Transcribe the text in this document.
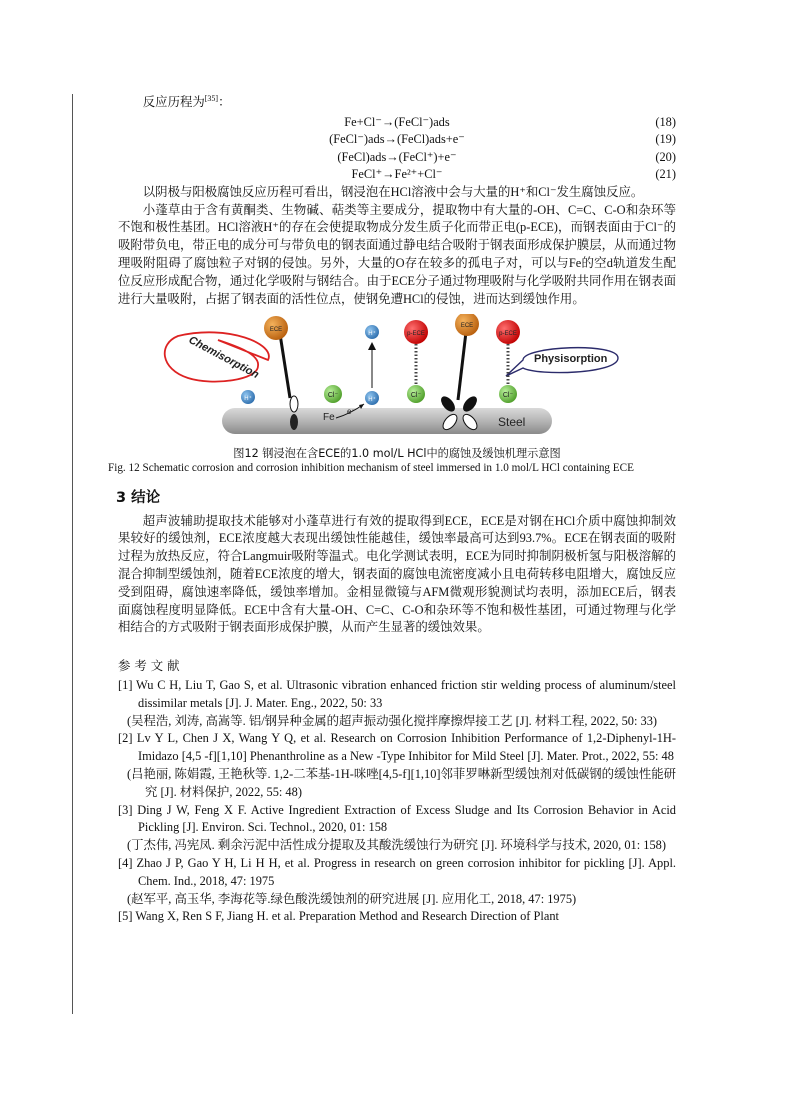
反应历程为[35]：

Fe+Cl⁻→(FeCl⁻)ads	(18)
(FeCl⁻)ads→(FeCl)ads+e⁻	(19)
(FeCl)ads→(FeCl⁺)+e⁻	(20)
FeCl⁺→Fe²⁺+Cl⁻	(21)

以阴极与阳极腐蚀反应历程可看出，钢浸泡在HCl溶液中会与大量的H⁺和Cl⁻发生腐蚀反应。

小蓬草由于含有黄酮类、生物碱、萜类等主要成分，提取物中有大量的-OH、C=C、C-O和杂环等不饱和极性基团。HCl溶液H⁺的存在会使提取物成分发生质子化而带正电(p-ECE)，而钢表面由于Cl⁻的吸附带负电，带正电的成分可与带负电的钢表面通过静电结合吸附于钢表面形成保护膜层，从而通过物理吸附阻碍了腐蚀粒子对钢的侵蚀。另外，大量的O存在较多的孤电子对，可以与Fe的空d轨道发生配位反应形成配合物，通过化学吸附与钢结合。由于ECE分子通过物理吸附与化学吸附共同作用在钢表面进行大量吸附，占据了钢表面的活性位点，使钢免遭HCl的侵蚀，进而达到缓蚀作用。

Steel
Chemisorption	Physisorption
ECE
H⁺	Cl⁻
Fe
e⁻
H⁺
H⁺
Cl⁻
p-ECE
ECE
Cl⁻
p-ECE
图12 钢浸泡在含ECE的1.0 mol/L HCl中的腐蚀及缓蚀机理示意图
Fig. 12 Schematic corrosion and corrosion inhibition mechanism of steel immersed in 1.0 mol/L HCl containing ECE
3 结论

超声波辅助提取技术能够对小蓬草进行有效的提取得到ECE，ECE是对钢在HCl介质中腐蚀抑制效果较好的缓蚀剂，ECE浓度越大表现出缓蚀性能越佳，缓蚀率最高可达到93.7%。ECE在钢表面的吸附过程为放热反应，符合Langmuir吸附等温式。电化学测试表明，ECE为同时抑制阴极析氢与阳极溶解的混合抑制型缓蚀剂，随着ECE浓度的增大，钢表面的腐蚀电流密度减小且电荷转移电阻增大，腐蚀反应受到阻碍，腐蚀速率降低，缓蚀率增加。金相显微镜与AFM微观形貌测试均表明，添加ECE后，钢表面腐蚀程度明显降低。ECE中含有大量-OH、C=C、C-O和杂环等不饱和极性基团，可通过物理与化学相结合的方式吸附于钢表面形成保护膜，从而产生显著的缓蚀效果。

参考文献
[1] Wu C H, Liu T, Gao S, et al. Ultrasonic vibration enhanced friction stir welding process of aluminum/steel dissimilar metals [J]. J. Mater. Eng., 2022, 50: 33
(吴程浩, 刘涛, 高嵩等. 铝/钢异种金属的超声振动强化搅拌摩擦焊接工艺 [J]. 材料工程, 2022, 50: 33)
[2] Lv Y L, Chen J X, Wang Y Q, et al. Research on Corrosion Inhibition Performance of 1,2-Diphenyl-1H-Imidazo [4,5 -f][1,10] Phenanthroline as a New -Type Inhibitor for Mild Steel [J]. Mater. Prot., 2022, 55: 48
(吕艳丽, 陈娟霞, 王艳秋等. 1,2-二苯基-1H-咪唑[4,5-f][1,10]邻菲罗啉新型缓蚀剂对低碳钢的缓蚀性能研究 [J]. 材料保护, 2022, 55: 48)
[3] Ding J W, Feng X F. Active Ingredient Extraction of Excess Sludge and Its Corrosion Behavior in Acid Pickling [J]. Environ. Sci. Technol., 2020, 01: 158
(丁杰伟, 冯宪凤. 剩余污泥中活性成分提取及其酸洗缓蚀行为研究 [J]. 环境科学与技术, 2020, 01: 158)
[4] Zhao J P, Gao Y H, Li H H, et al. Progress in research on green corrosion inhibitor for pickling [J]. Appl. Chem. Ind., 2018, 47: 1975
(赵军平, 高玉华, 李海花等.绿色酸洗缓蚀剂的研究进展 [J]. 应用化工, 2018, 47: 1975)
[5] Wang X, Ren S F, Jiang H. et al. Preparation Method and Research Direction of Plant
